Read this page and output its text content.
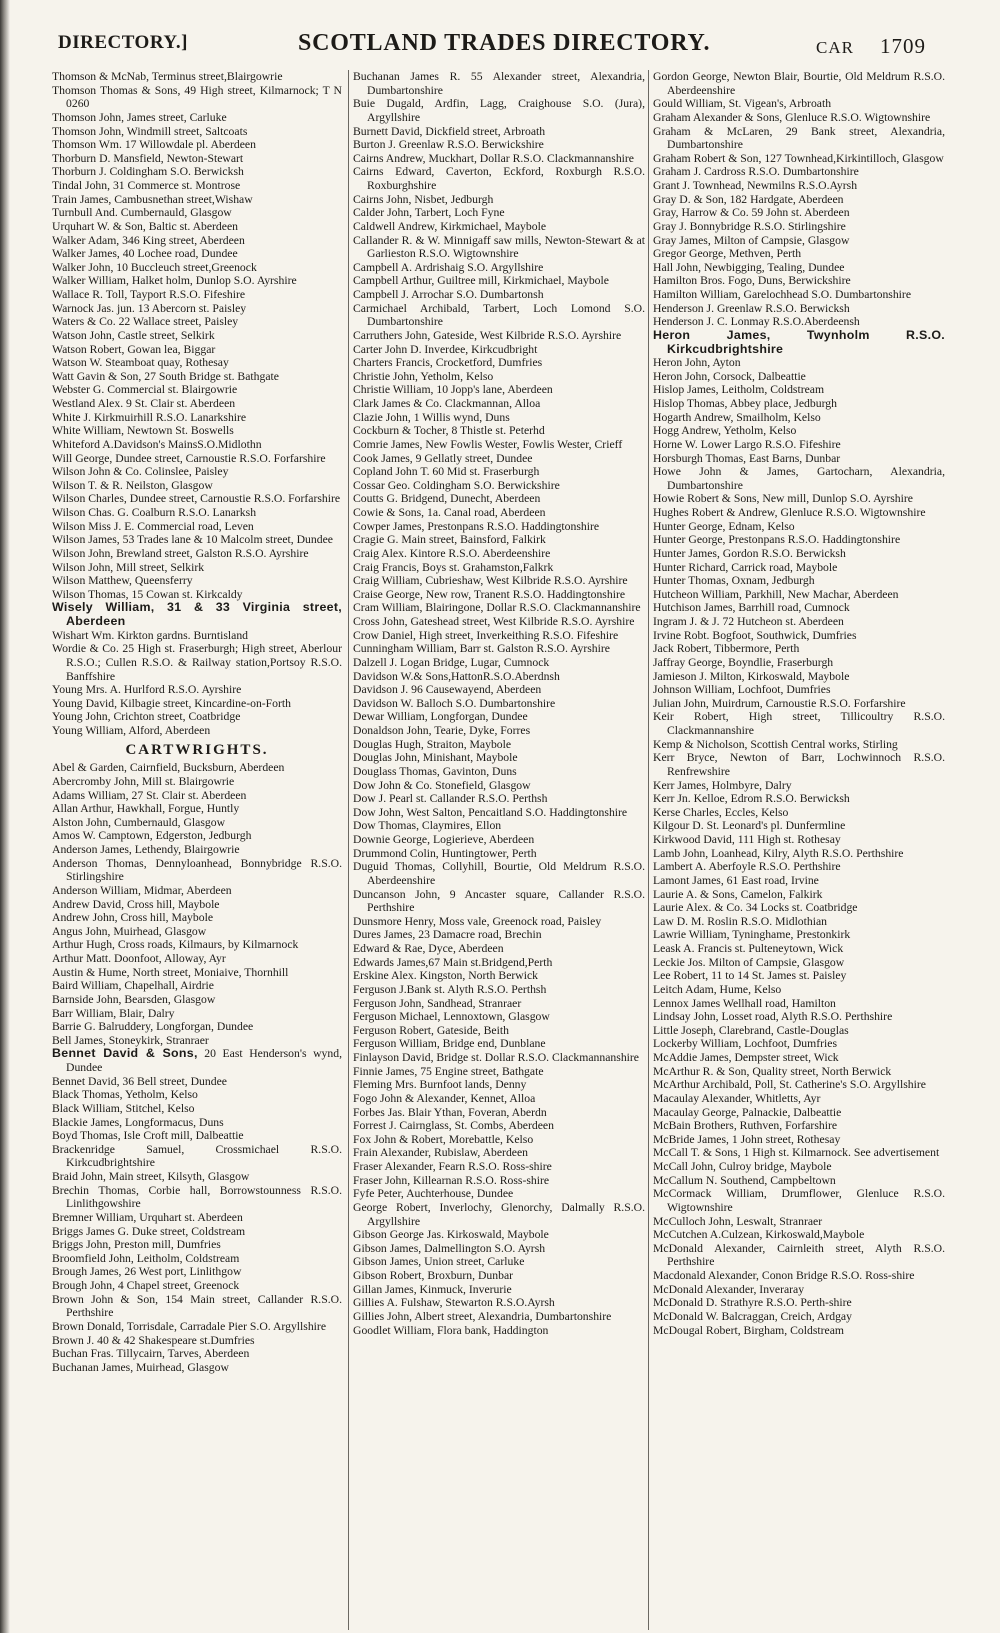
DIRECTORY.]	SCOTLAND TRADES DIRECTORY.	CAR 1709
Thomson & McNab, Terminus street,Blairgowrie
Thomson Thomas & Sons, 49 High street, Kilmarnock; T N 0260
Thomson John, James street, Carluke
Thomson John, Windmill street, Saltcoats
Thomson Wm. 17 Willowdale pl. Aberdeen
Thorburn D. Mansfield, Newton-Stewart
Thorburn J. Coldingham S.O. Berwicksh
Tindal John, 31 Commerce st. Montrose
Train James, Cambusnethan street,Wishaw
Turnbull And. Cumbernauld, Glasgow
Urquhart W. & Son, Baltic st. Aberdeen
Walker Adam, 346 King street, Aberdeen
Walker James, 40 Lochee road, Dundee
Walker John, 10 Buccleuch street,Greenock
Walker William, Halket holm, Dunlop S.O. Ayrshire
Wallace R. Toll, Tayport R.S.O. Fifeshire
Warnock Jas. jun. 13 Abercorn st. Paisley
Waters & Co. 22 Wallace street, Paisley
Watson John, Castle street, Selkirk
Watson Robert, Gowan lea, Biggar
Watson W. Steamboat quay, Rothesay
Watt Gavin & Son, 27 South Bridge st. Bathgate
Webster G. Commercial st. Blairgowrie
Westland Alex. 9 St. Clair st. Aberdeen
White J. Kirkmuirhill R.S.O. Lanarkshire
White William, Newtown St. Boswells
Whiteford A.Davidson's MainsS.O.Midlothn
Will George, Dundee street, Carnoustie R.S.O. Forfarshire
Wilson John & Co. Colinslee, Paisley
Wilson T. & R. Neilston, Glasgow
Wilson Charles, Dundee street, Carnoustie R.S.O. Forfarshire
Wilson Chas. G. Coalburn R.S.O. Lanarksh
Wilson Miss J. E. Commercial road, Leven
Wilson James, 53 Trades lane & 10 Malcolm street, Dundee
Wilson John, Brewland street, Galston R.S.O. Ayrshire
Wilson John, Mill street, Selkirk
Wilson Matthew, Queensferry
Wilson Thomas, 15 Cowan st. Kirkcaldy
Wisely William, 31 & 33 Virginia street, Aberdeen
Wishart Wm. Kirkton gardns. Burntisland
Wordie & Co. 25 High st. Fraserburgh; High street, Aberlour R.S.O.; Cullen R.S.O. & Railway station,Portsoy R.S.O. Banffshire
Young Mrs. A. Hurlford R.S.O. Ayrshire
Young David, Kilbagie street, Kincardine-on-Forth
Young John, Crichton street, Coatbridge
Young William, Alford, Aberdeen
CARTWRIGHTS.
Abel & Garden, Cairnfield, Bucksburn, Aberdeen
Abercromby John, Mill st. Blairgowrie
Adams William, 27 St. Clair st. Aberdeen
Allan Arthur, Hawkhall, Forgue, Huntly
Alston John, Cumbernauld, Glasgow
Amos W. Camptown, Edgerston, Jedburgh
Anderson James, Lethendy, Blairgowrie
Anderson Thomas, Dennyloanhead, Bonnybridge R.S.O. Stirlingshire
Anderson William, Midmar, Aberdeen
Andrew David, Cross hill, Maybole
Andrew John, Cross hill, Maybole
Angus John, Muirhead, Glasgow
Arthur Hugh, Cross roads, Kilmaurs, by Kilmarnock
Arthur Matt. Doonfoot, Alloway, Ayr
Austin & Hume, North street, Moniaive, Thornhill
Baird William, Chapelhall, Airdrie
Barnside John, Bearsden, Glasgow
Barr William, Blair, Dalry
Barrie G. Balruddery, Longforgan, Dundee
Bell James, Stoneykirk, Stranraer
Bennet David & Sons, 20 East Henderson's wynd, Dundee
Bennet David, 36 Bell street, Dundee
Black Thomas, Yetholm, Kelso
Black William, Stitchel, Kelso
Blackie James, Longformacus, Duns
Boyd Thomas, Isle Croft mill, Dalbeattie
Brackenridge Samuel, Crossmichael R.S.O. Kirkcudbrightshire
Braid John, Main street, Kilsyth, Glasgow
Brechin Thomas, Corbie hall, Borrowstounness R.S.O. Linlithgowshire
Bremner William, Urquhart st. Aberdeen
Briggs James G. Duke street, Coldstream
Briggs John, Preston mill, Dumfries
Broomfield John, Leitholm, Coldstream
Brough James, 26 West port, Linlithgow
Brough John, 4 Chapel street, Greenock
Brown John & Son, 154 Main street, Callander R.S.O. Perthshire
Brown Donald, Torrisdale, Carradale Pier S.O. Argyllshire
Brown J. 40 & 42 Shakespeare st.Dumfries
Buchan Fras. Tillycairn, Tarves, Aberdeen
Buchanan James, Muirhead, Glasgow
Buchanan James R. 55 Alexander street, Alexandria, Dumbartonshire
Buie Dugald, Ardfin, Lagg, Craighouse S.O. (Jura), Argyllshire
Burnett David, Dickfield street, Arbroath
Burton J. Greenlaw R.S.O. Berwickshire
Cairns Andrew, Muckhart, Dollar R.S.O. Clackmannanshire
Cairns Edward, Caverton, Eckford, Roxburgh R.S.O. Roxburghshire
Cairns John, Nisbet, Jedburgh
Calder John, Tarbert, Loch Fyne
Caldwell Andrew, Kirkmichael, Maybole
Callander R. & W. Minnigaff saw mills, Newton-Stewart & at Garlieston R.S.O. Wigtownshire
Campbell A. Ardrishaig S.O. Argyllshire
Campbell Arthur, Guiltree mill, Kirkmichael, Maybole
Campbell J. Arrochar S.O. Dumbartonsh
Carmichael Archibald, Tarbert, Loch Lomond S.O. Dumbartonshire
Carruthers John, Gateside, West Kilbride R.S.O. Ayrshire
Carter John D. Inverdee, Kirkcudbright
Charters Francis, Crocketford, Dumfries
Christie John, Yetholm, Kelso
Christie William, 10 Jopp's lane, Aberdeen
Clark James & Co. Clackmannan, Alloa
Clazie John, 1 Willis wynd, Duns
Cockburn & Tocher, 8 Thistle st. Peterhd
Comrie James, New Fowlis Wester, Fowlis Wester, Crieff
Cook James, 9 Gellatly street, Dundee
Copland John T. 60 Mid st. Fraserburgh
Cossar Geo. Coldingham S.O. Berwickshire
Coutts G. Bridgend, Dunecht, Aberdeen
Cowie & Sons, 1a. Canal road, Aberdeen
Cowper James, Prestonpans R.S.O. Haddingtonshire
Cragie G. Main street, Bainsford, Falkirk
Craig Alex. Kintore R.S.O. Aberdeenshire
Craig Francis, Boys st. Grahamston,Falkrk
Craig William, Cubrieshaw, West Kilbride R.S.O. Ayrshire
Craise George, New row, Tranent R.S.O. Haddingtonshire
Cram William, Blairingone, Dollar R.S.O. Clackmannanshire
Cross John, Gateshead street, West Kilbride R.S.O. Ayrshire
Crow Daniel, High street, Inverkeithing R.S.O. Fifeshire
Cunningham William, Barr st. Galston R.S.O. Ayrshire
Dalzell J. Logan Bridge, Lugar, Cumnock
Davidson W.& Sons,HattonR.S.O.Aberdnsh
Davidson J. 96 Causewayend, Aberdeen
Davidson W. Balloch S.O. Dumbartonshire
Dewar William, Longforgan, Dundee
Donaldson John, Tearie, Dyke, Forres
Douglas Hugh, Straiton, Maybole
Douglas John, Minishant, Maybole
Douglass Thomas, Gavinton, Duns
Dow John & Co. Stonefield, Glasgow
Dow J. Pearl st. Callander R.S.O. Perthsh
Dow John, West Salton, Pencaitland S.O. Haddingtonshire
Dow Thomas, Claymires, Ellon
Downie George, Logierieve, Aberdeen
Drummond Colin, Huntingtower, Perth
Duguid Thomas, Collyhill, Bourtie, Old Meldrum R.S.O. Aberdeenshire
Duncanson John, 9 Ancaster square, Callander R.S.O. Perthshire
Dunsmore Henry, Moss vale, Greenock road, Paisley
Dures James, 23 Damacre road, Brechin
Edward & Rae, Dyce, Aberdeen
Edwards James,67 Main st.Bridgend,Perth
Erskine Alex. Kingston, North Berwick
Ferguson J.Bank st. Alyth R.S.O. Perthsh
Ferguson John, Sandhead, Stranraer
Ferguson Michael, Lennoxtown, Glasgow
Ferguson Robert, Gateside, Beith
Ferguson William, Bridge end, Dunblane
Finlayson David, Bridge st. Dollar R.S.O. Clackmannanshire
Finnie James, 75 Engine street, Bathgate
Fleming Mrs. Burnfoot lands, Denny
Fogo John & Alexander, Kennet, Alloa
Forbes Jas. Blair Ythan, Foveran, Aberdn
Forrest J. Cairnglass, St. Combs, Aberdeen
Fox John & Robert, Morebattle, Kelso
Frain Alexander, Rubislaw, Aberdeen
Fraser Alexander, Fearn R.S.O. Ross-shire
Fraser John, Killearnan R.S.O. Ross-shire
Fyfe Peter, Auchterhouse, Dundee
George Robert, Inverlochy, Glenorchy, Dalmally R.S.O. Argyllshire
Gibson George Jas. Kirkoswald, Maybole
Gibson James, Dalmellington S.O. Ayrsh
Gibson James, Union street, Carluke
Gibson Robert, Broxburn, Dunbar
Gillan James, Kinmuck, Inverurie
Gillies A. Fulshaw, Stewarton R.S.O.Ayrsh
Gillies John, Albert street, Alexandria, Dumbartonshire
Goodlet William, Flora bank, Haddington
Gordon George, Newton Blair, Bourtie, Old Meldrum R.S.O. Aberdeenshire
Gould William, St. Vigean's, Arbroath
Graham Alexander & Sons, Glenluce R.S.O. Wigtownshire
Graham & McLaren, 29 Bank street, Alexandria, Dumbartonshire
Graham Robert & Son, 127 Townhead,Kirkintilloch, Glasgow
Graham J. Cardross R.S.O. Dumbartonshire
Grant J. Townhead, Newmilns R.S.O.Ayrsh
Gray D. & Son, 182 Hardgate, Aberdeen
Gray, Harrow & Co. 59 John st. Aberdeen
Gray J. Bonnybridge R.S.O. Stirlingshire
Gray James, Milton of Campsie, Glasgow
Gregor George, Methven, Perth
Hall John, Newbigging, Tealing, Dundee
Hamilton Bros. Fogo, Duns, Berwickshire
Hamilton William, Garelochhead S.O. Dumbartonshire
Henderson J. Greenlaw R.S.O. Berwicksh
Henderson J. C. Lonmay R.S.O.Aberdeensh
Heron James, Twynholm R.S.O. Kirkcudbrightshire
Heron John, Ayton
Heron John, Corsock, Dalbeattie
Hislop James, Leitholm, Coldstream
Hislop Thomas, Abbey place, Jedburgh
Hogarth Andrew, Smailholm, Kelso
Hogg Andrew, Yetholm, Kelso
Horne W. Lower Largo R.S.O. Fifeshire
Horsburgh Thomas, East Barns, Dunbar
Howe John & James, Gartocharn, Alexandria, Dumbartonshire
Howie Robert & Sons, New mill, Dunlop S.O. Ayrshire
Hughes Robert & Andrew, Glenluce R.S.O. Wigtownshire
Hunter George, Ednam, Kelso
Hunter George, Prestonpans R.S.O. Haddingtonshire
Hunter James, Gordon R.S.O. Berwicksh
Hunter Richard, Carrick road, Maybole
Hunter Thomas, Oxnam, Jedburgh
Hutcheon William, Parkhill, New Machar, Aberdeen
Hutchison James, Barrhill road, Cumnock
Ingram J. & J. 72 Hutcheon st. Aberdeen
Irvine Robt. Bogfoot, Southwick, Dumfries
Jack Robert, Tibbermore, Perth
Jaffray George, Boyndlie, Fraserburgh
Jamieson J. Milton, Kirkoswald, Maybole
Johnson William, Lochfoot, Dumfries
Julian John, Muirdrum, Carnoustie R.S.O. Forfarshire
Keir Robert, High street, Tillicoultry R.S.O. Clackmannanshire
Kemp & Nicholson, Scottish Central works, Stirling
Kerr Bryce, Newton of Barr, Lochwinnoch R.S.O. Renfrewshire
Kerr James, Holmbyre, Dalry
Kerr Jn. Kelloe, Edrom R.S.O. Berwicksh
Kerse Charles, Eccles, Kelso
Kilgour D. St. Leonard's pl. Dunfermline
Kirkwood David, 111 High st. Rothesay
Lamb John, Loanhead, Kilry, Alyth R.S.O. Perthshire
Lambert A. Aberfoyle R.S.O. Perthshire
Lamont James, 61 East road, Irvine
Laurie A. & Sons, Camelon, Falkirk
Laurie Alex. & Co. 34 Locks st. Coatbridge
Law D. M. Roslin R.S.O. Midlothian
Lawrie William, Tyninghame, Prestonkirk
Leask A. Francis st. Pulteneytown, Wick
Leckie Jos. Milton of Campsie, Glasgow
Lee Robert, 11 to 14 St. James st. Paisley
Leitch Adam, Hume, Kelso
Lennox James Wellhall road, Hamilton
Lindsay John, Losset road, Alyth R.S.O. Perthshire
Little Joseph, Clarebrand, Castle-Douglas
Lockerby William, Lochfoot, Dumfries
McAddie James, Dempster street, Wick
McArthur R. & Son, Quality street, North Berwick
McArthur Archibald, Poll, St. Catherine's S.O. Argyllshire
Macaulay Alexander, Whitletts, Ayr
Macaulay George, Palnackie, Dalbeattie
McBain Brothers, Ruthven, Forfarshire
McBride James, 1 John street, Rothesay
McCall T. & Sons, 1 High st. Kilmarnock. See advertisement
McCall John, Culroy bridge, Maybole
McCallum N. Southend, Campbeltown
McCormack William, Drumflower, Glenluce R.S.O. Wigtownshire
McCulloch John, Leswalt, Stranraer
McCutchen A.Culzean, Kirkoswald,Maybole
McDonald Alexander, Cairnleith street, Alyth R.S.O. Perthshire
Macdonald Alexander, Conon Bridge R.S.O. Ross-shire
McDonald Alexander, Inveraray
McDonald D. Strathyre R.S.O. Perth-shire
McDonald W. Balcraggan, Creich, Ardgay
McDougal Robert, Birgham, Coldstream
